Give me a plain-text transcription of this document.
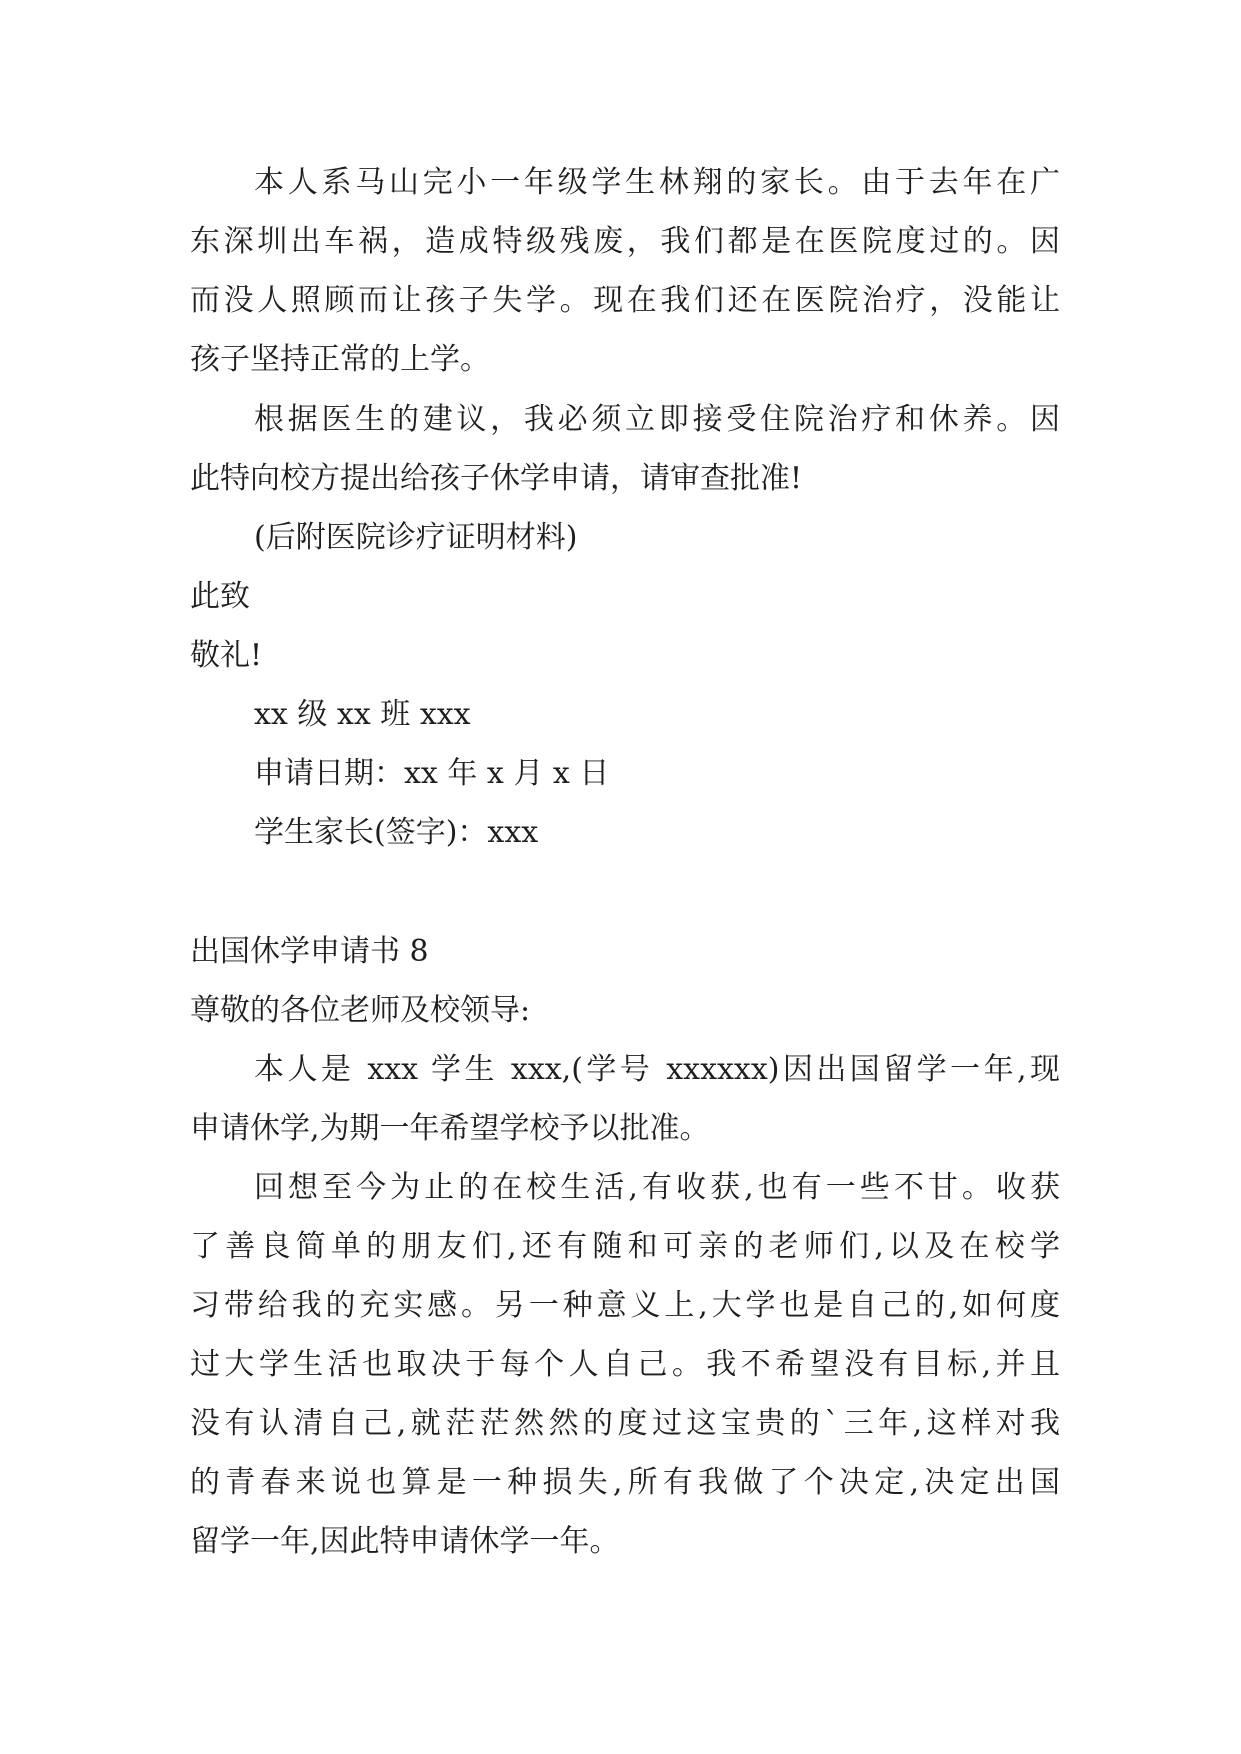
本人系马山完小一年级学生林翔的家长。由于去年在广
东深圳出车祸，造成特级残废，我们都是在医院度过的。因
而没人照顾而让孩子失学。现在我们还在医院治疗，没能让
孩子坚持正常的上学。
根据医生的建议，我必须立即接受住院治疗和休养。因
此特向校方提出给孩子休学申请，请审查批准!
(后附医院诊疗证明材料)
此致
敬礼!
xx 级 xx 班 xxx
申请日期：xx 年 x 月 x 日
学生家长(签字)：xxx
出国休学申请书 8
尊敬的各位老师及校领导:
本人是 xxx 学生 xxx,(学号 xxxxxx)因出国留学一年,现
申请休学,为期一年希望学校予以批准。
回想至今为止的在校生活,有收获,也有一些不甘。收获
了善良简单的朋友们,还有随和可亲的老师们,以及在校学
习带给我的充实感。另一种意义上,大学也是自己的,如何度
过大学生活也取决于每个人自己。我不希望没有目标,并且
没有认清自己,就茫茫然然的度过这宝贵的`三年,这样对我
的青春来说也算是一种损失,所有我做了个决定,决定出国
留学一年,因此特申请休学一年。
